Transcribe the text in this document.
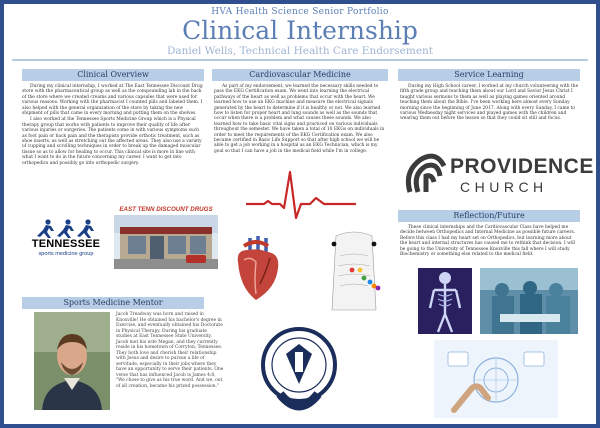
HVA Health Science Senior Portfolio
Clinical Internship
Daniel Wells, Technical Health Care Endorsement
Clinical Overview

During my clinical internship, I worked at The East Tennessee Discount Drug store with the pharmaceutical group as well as the compounding lab in the back of the store where we created creams and various capsules that were used for various reasons. Working with the pharmacist I counted pills and labeled them. I also helped with the general organization of the store by taking the new shipment of pills that came in every morning and putting them on the shelves.

I also worked at the Tennessee Sports Medicine Group which is a Physical therapy group that works with patients to improve their quality of life after various injuries or surgeries. The patients come in with various symptoms such as foot pain or back pain and the therapists provide orthotic treatment, such as shoe inserts, as well as stretching out the affected areas. They also use a variety of cupping and scrolling techniques in order to break up the damaged muscular tissue so as to allow for healing to occur. This clinical site is more in line with what I want to do in the future concerning my career. I want to get into orthopedics and possibly go into orthopedic surgery.

TENNESSEE
sports medicine group
EAST TENN DISCOUNT DRUGS
Sports Medicine Mentor
Jacob Treadway was born and raised in Knoxville! He obtained his bachelor's degree in Exercise, and eventually obtained his Doctorate in Physical Therapy. During his graduate studies at East Tennessee State University, Jacob met his wife Megan, and they currently reside in his hometown of Corryton, Tennessee. They both love and cherish their relationship with Jesus and desire to pursue a life of servitude, especially in their jobs where they have an opportunity to serve their patients. One verse that has influenced Jacob is James 4:8, "We chose to give as his true word. And we, out of all creation, became his prized possession."
Cardiovascular Medicine

As part of my endorsement, we learned the necessary skills needed to pass the EKG Certification exam. We went into learning the electrical pathways of the heart as well as problems that occur with the heart. We learned how to use an EKG machine and measure the electrical signals generated by the heart to determine if it is healthy or not. We also learned how to listen for proper heart and lung sounds as well as the sounds that occur when there is a problem and what causes these sounds. We also learned how to take basic vital signs and practiced on various individuals throughout the semester. We have taken a total of 10 EKGs on individuals in order to meet the requirements of the EKG Certification exam. We also became certified in Basic Life Support so that after high school we will be able to get a job working in a hospital as an EKG Technician, which is my goal so that I can have a job in the medical field while I'm in college.

Service Learning

During my High School career, I worked at my church volunteering with the fifth grade group and teaching them about our Lord and Savior Jesus Christ I taught various sermons to them as well as playing games oriented around teaching them about the Bible. I've been working here almost every Sunday morning since the beginning of June 2017. Along with every Sunday, I came to various Wednesday night services and played games with the children and wearing them out before the lesson so that they could sit still and focus.

PROVIDENCE
CHURCH
Reflection/Future

These clinical internships and the Cardiovascular Class have helped me decide between Orthopedics and Internal Medicine as possible future careers. Before this class I had my heart set on Orthopedics, but learning more about the heart and internal structures has caused me to rethink that decision. I will be going to the University of Tennessee Knoxville this fall where I will study Biochemistry or something else related to the medical field.
